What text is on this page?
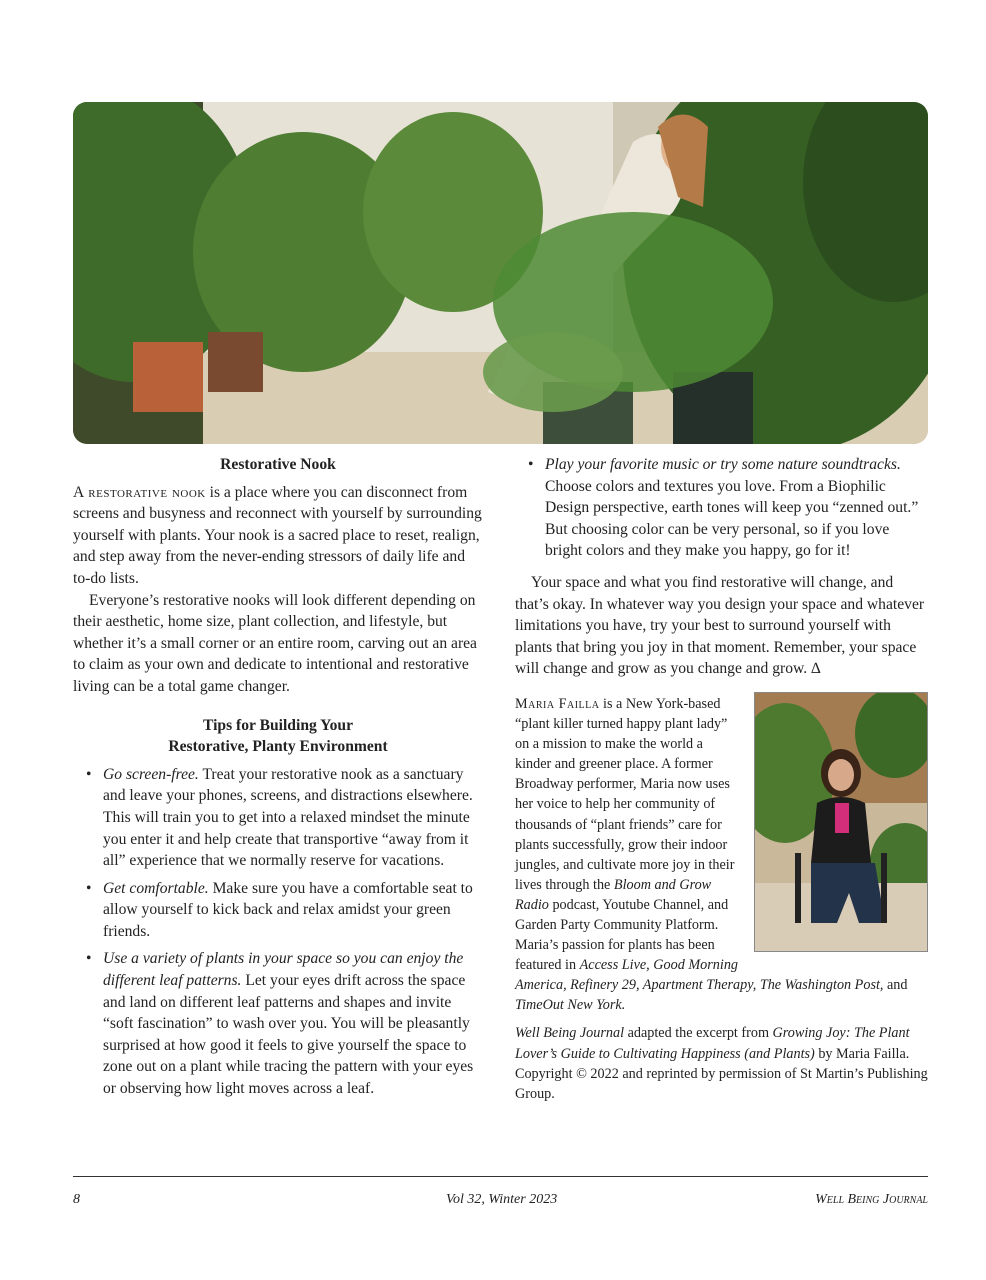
Restorative Nook

A restorative nook is a place where you can disconnect from screens and busyness and reconnect with yourself by surrounding yourself with plants. Your nook is a sacred place to reset, realign, and step away from the never-ending stressors of daily life and to-do lists.

Everyone’s restorative nooks will look different depending on their aesthetic, home size, plant collection, and lifestyle, but whether it’s a small corner or an entire room, carving out an area to claim as your own and dedicate to intentional and restorative living can be a total game changer.

Tips for Building Your
Restorative, Planty Environment
• Go screen-free. Treat your restorative nook as a sanctuary and leave your phones, screens, and distractions elsewhere. This will train you to get into a relaxed mindset the minute you enter it and help create that transportive “away from it all” experience that we normally reserve for vacations.
• Get comfortable. Make sure you have a comfortable seat to allow yourself to kick back and relax amidst your green friends.
• Use a variety of plants in your space so you can enjoy the different leaf patterns. Let your eyes drift across the space and land on different leaf patterns and shapes and invite “soft fascination” to wash over you. You will be pleasantly surprised at how good it feels to give yourself the space to zone out on a plant while tracing the pattern with your eyes or observing how light moves across a leaf.
• Play your favorite music or try some nature soundtracks. Choose colors and textures you love. From a Biophilic Design perspective, earth tones will keep you “zenned out.” But choosing color can be very personal, so if you love bright colors and they make you happy, go for it!

Your space and what you find restorative will change, and that’s okay. In whatever way you design your space and whatever limitations you have, try your best to surround yourself with plants that bring you joy in that moment. Remember, your space will change and grow as you change and grow. ∆

Maria Failla is a New York-based “plant killer turned happy plant lady” on a mission to make the world a kinder and greener place. A former Broadway performer, Maria now uses her voice to help her community of thousands of “plant friends” care for plants successfully, grow their indoor jungles, and cultivate more joy in their lives through the Bloom and Grow Radio podcast, Youtube Channel, and Garden Party Community Platform. Maria’s passion for plants has been featured in Access Live, Good Morning America, Refinery 29, Apartment Therapy, The Washington Post, and TimeOut New York.

Well Being Journal adapted the excerpt from Growing Joy: The Plant Lover’s Guide to Cultivating Happiness (and Plants) by Maria Failla. Copyright © 2022 and reprinted by permission of St Martin’s Publishing Group.

8	Vol 32, Winter 2023	Well Being Journal
